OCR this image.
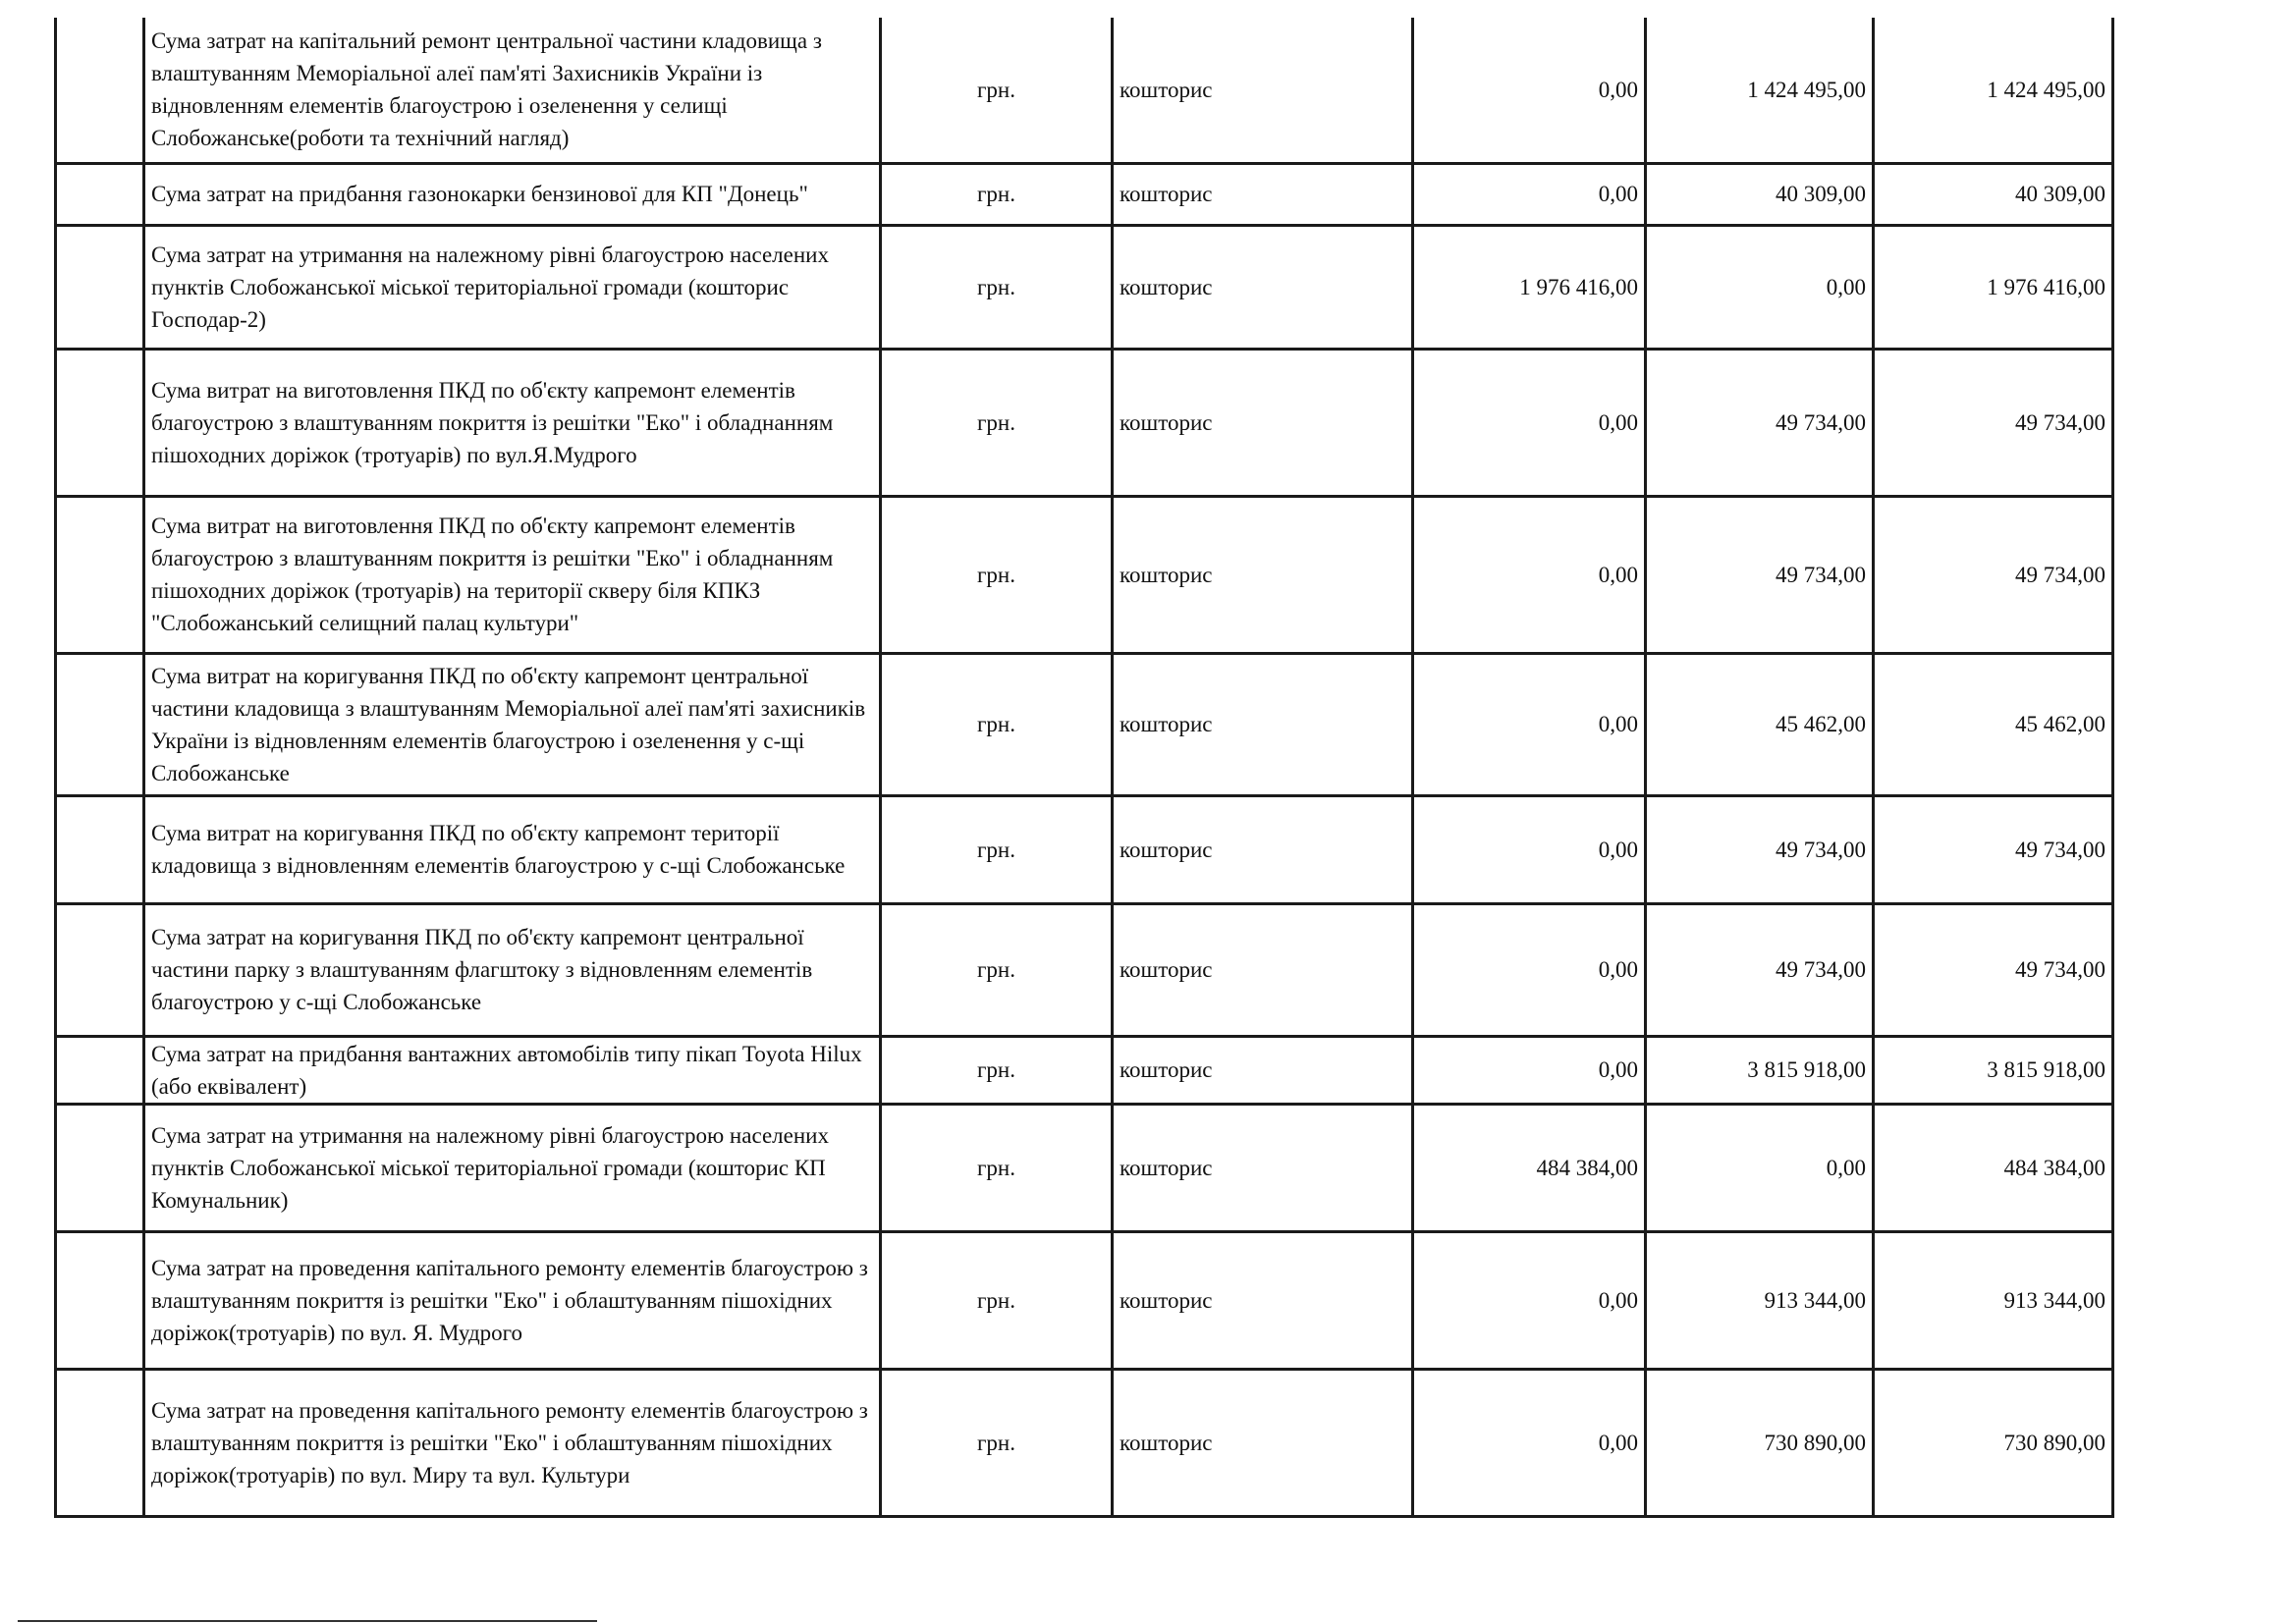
	Сума затрат на капітальний ремонт центральної частини кладовища з влаштуванням Меморіальної алеї пам'яті Захисників України із відновленням елементів благоустрою і озеленення у селищі Слобожанське(роботи та технічний нагляд)	грн.	кошторис	0,00	1 424 495,00	1 424 495,00
	Сума затрат на придбання газонокарки бензинової для КП "Донець"	грн.	кошторис	0,00	40 309,00	40 309,00
	Сума затрат на утримання на належному рівні благоустрою населених пунктів Слобожанської міської територіальної громади (кошторис Господар-2)	грн.	кошторис	1 976 416,00	0,00	1 976 416,00
	Сума витрат на виготовлення ПКД по об'єкту капремонт елементів благоустрою з влаштуванням покриття із решітки "Еко" і обладнанням пішоходних доріжок (тротуарів) по вул.Я.Мудрого	грн.	кошторис	0,00	49 734,00	49 734,00
	Сума витрат на виготовлення ПКД по об'єкту капремонт елементів благоустрою з влаштуванням покриття із решітки "Еко" і обладнанням пішоходних доріжок (тротуарів) на території скверу біля КПКЗ "Слобожанський селищний палац культури"	грн.	кошторис	0,00	49 734,00	49 734,00
	Сума витрат на коригування ПКД по об'єкту капремонт центральної частини кладовища з влаштуванням Меморіальної алеї пам'яті захисників України із відновленням елементів благоустрою і озеленення у с-щі Слобожанське	грн.	кошторис	0,00	45 462,00	45 462,00
	Сума витрат на коригування ПКД по об'єкту капремонт території кладовища з відновленням елементів благоустрою у с-щі Слобожанське	грн.	кошторис	0,00	49 734,00	49 734,00
	Сума затрат на коригування ПКД по об'єкту капремонт центральної частини парку з влаштуванням флагштоку з відновленням елементів благоустрою у с-щі Слобожанське	грн.	кошторис	0,00	49 734,00	49 734,00
	Сума затрат на придбання вантажних автомобілів типу пікап Toyota Hilux (або еквівалент)	грн.	кошторис	0,00	3 815 918,00	3 815 918,00
	Сума затрат на утримання на належному рівні благоустрою населених пунктів Слобожанської міської територіальної громади (кошторис КП Комунальник)	грн.	кошторис	484 384,00	0,00	484 384,00
	Сума затрат на проведення капітального ремонту елементів благоустрою з влаштуванням покриття із решітки "Еко" і облаштуванням пішохідних доріжок(тротуарів) по вул. Я. Мудрого	грн.	кошторис	0,00	913 344,00	913 344,00
	Сума затрат на проведення капітального ремонту елементів благоустрою з влаштуванням покриття із решітки "Еко" і облаштуванням пішохідних доріжок(тротуарів) по вул. Миру та вул. Культури	грн.	кошторис	0,00	730 890,00	730 890,00
